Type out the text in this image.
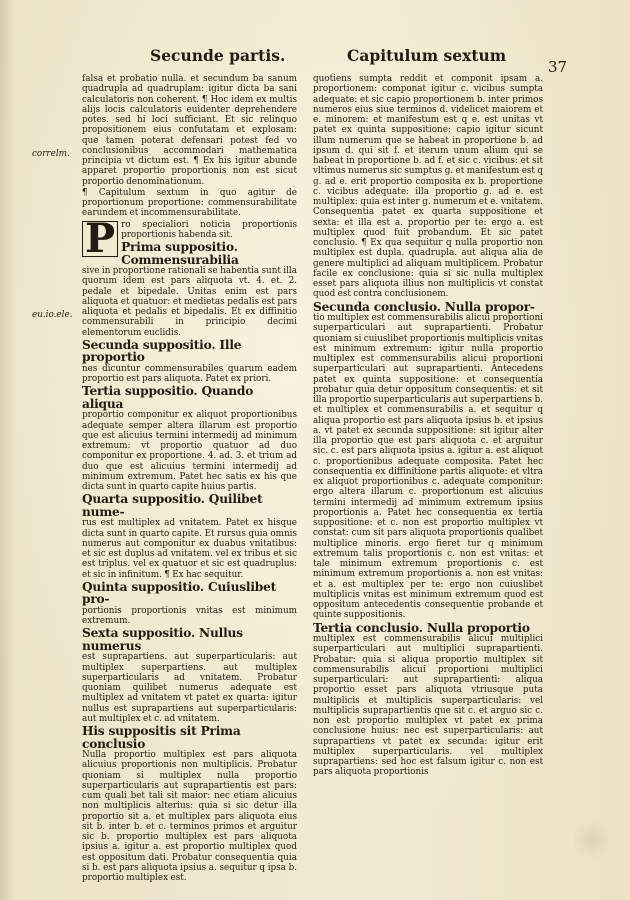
Secunde partis.	Capitulum sextum
37
correlm.
eu.io.ele.

falsa et probatio nulla. et secundum ba sanum quadrupla ad quadruplam: igitur dicta ba sani calculatoris non coherent. ¶ Hoc idem ex multis alijs locis calculatoris euidenter deprehendere potes. sed hi loci sufficiant. Et sic relinquo propositionem eius confutatam et explosam: que tamen poterat defensari potest fed vo conclusionibus accommodari mathematica principia vt dictum est. ¶ Ex his igitur abunde apparet proportio proportionis non est sicut proportio denominationum.

¶ Capitulum sextum in quo agitur de proportionum proportione: commensurabilitate earundem et incommensurabilitate.

P ro specialiori noticia proportionis proportionis habenda sit.

Prima suppositio. Commensurabilia

sive in proportione rationali se habentia sunt illa quorum idem est pars aliquota vt. 4. et. 2. pedale et bipedale. Unitas enim est pars aliquota et quatuor: et medietas pedalis est pars aliquota et pedalis et bipedalis. Et ex diffinitio commensurabili in principio decimi elementorum euclidis.

Secunda suppositio. Ille proportio

nes dicuntur commensurabiles quarum eadem proportio est pars aliquota. Patet ex priori.

Tertia suppositio. Quando aliqua

proportio componitur ex aliquot proportionibus adequate semper altera illarum est proportio que est alicuius termini intermedij ad minimum extremum: vt proportio quatuor ad duo componitur ex proportione. 4. ad. 3. et trium ad duo que est alicuius termini intermedij ad minimum extremum. Patet hec satis ex his que dicta sunt in quarto capite huius partis.

Quarta suppositio. Quilibet nume-

rus est multiplex ad vnitatem. Patet ex hisque dicta sunt in quarto capite. Et rursus quia omnis numerus aut componitur ex duabus vnitatibus: et sic est duplus ad vnitatem. vel ex tribus et sic est triplus. vel ex quatuor et sic est quadruplus: et sic in infinitum. ¶ Ex hac sequitur.

Quinta suppositio. Cuiuslibet pro-

portionis proportionis vnitas est minimum extremum.

Sexta suppositio. Nullus numerus

est suprapartiens. aut superparticularis: aut multiplex superpartiens. aut multiplex superparticularis ad vnitatem. Probatur quoniam quilibet numerus adequate est multiplex ad vnitatem vt patet ex quarta: igitur nullus est suprapartiens aut superparticularis: aut multiplex et c. ad vnitatem.

His suppositis sit Prima conclusio

Nulla proportio multiplex est pars aliquota alicuius proportionis non multiplicis. Probatur quoniam si multiplex nulla proportio superparticularis aut suprapartientis est pars: cum quali bet tali sit maior: nec etiam alicuius non multiplicis alterius: quia si sic detur illa proportio sit a. et multiplex pars aliquota eius sit b. inter b. et c. terminos primos et arguitur sic b. proportio multiplex est pars aliquota ipsius a. igitur a. est proportio multiplex quod est oppositum dati. Probatur consequentia quia si b. est pars aliquota ipsius a. sequitur q ipsa b. proportio multiplex est.

quotiens sumpta reddit et componit ipsam a. proportionem: componat igitur c. vicibus sumpta adequate: et sic capio proportionem b. inter primos numeros eius siue terminos d. videlicet maiorem et e. minorem: et manifestum est q e. est unitas vt patet ex quinta suppositione: capio igitur sicunt illum numerum que se habeat in proportione b. ad ipsum d. qui sit f. et iterum unum alium qui se habeat in proportione b. ad f. et sic c. vicibus: et sit vltimus numerus sic sumptus g. et manifestum est q g. ad e. erit proportio composita ex b. proportione c. vicibus adequate: illa proportio g. ad e. est multiplex: quia est inter g. numerum et e. vnitatem. Consequentia patet ex quarta suppositione et sexta: et illa est a. proportio per te: ergo a. est multiplex quod fuit probandum. Et sic patet conclusio. ¶ Ex qua sequitur q nulla proportio non multiplex est dupla. quadrupla. aut aliqua alia de genere multiplici ad aliquam multiplicem. Probatur facile ex conclusione: quia si sic nulla multiplex esset pars aliquota illius non multiplicis vt constat quod est contra conclusionem.

Secunda conclusio. Nulla propor-

tio multiplex est commensurabilis alicui proportioni superparticulari aut suprapartienti. Probatur quoniam si cuiuslibet proportionis multiplicis vnitas est minimum extremum: igitur nulla proportio multiplex est commensurabilis alicui proportioni superparticulari aut suprapartienti. Antecedens patet ex quinta suppositione: et consequentia probatur quia detur oppositum consequentis: et sit illa proportio superparticularis aut superpartiens b. et multiplex et commensurabilis a. et sequitur q aliqua proportio est pars aliquota ipsius b. et ipsius a. vt patet ex secunda suppositione: sit igitur alter illa proportio que est pars aliquota c. et arguitur sic. c. est pars aliquota ipsius a. igitur a. est aliquot c. proportionibus adequate composita. Patet hec consequentia ex diffinitione partis aliquote: et vltra ex aliquot proportionibus c. adequate componitur: ergo altera illarum c. proportionum est alicuius termini intermedij ad minimum extremum ipsius proportionis a. Patet hec consequentia ex tertia suppositione: et c. non est proportio multiplex vt constat: cum sit pars aliquota proportionis qualibet multiplice minoris. ergo fieret tur q minimum extremum talis proportionis c. non est vnitas: et tale minimum extremum proportionis c. est minimum extremum proportionis a. non est vnitas: et a. est multiplex per te: ergo non cuiuslibet multiplicis vnitas est minimum extremum quod est oppositum antecedentis consequentie probande et quinte suppositionis.

Tertia conclusio. Nulla proportio

multiplex est commensurabilis alicui multiplici superparticulari aut multiplici suprapartienti. Probatur: quia si aliqua proportio multiplex sit commensurabilis alicui proportioni multiplici superparticulari: aut suprapartienti: aliqua proportio esset pars aliquota vtriusque puta multiplicis et multiplicis superparticularis: vel multiplicis suprapartientis que sit c. et arguo sic c. non est proportio multiplex vt patet ex prima conclusione huius: nec est superparticularis: aut suprapartiens vt patet ex secunda: igitur erit multiplex superparticularis. vel multiplex suprapartiens: sed hoc est falsum igitur c. non est pars aliquota proportionis
